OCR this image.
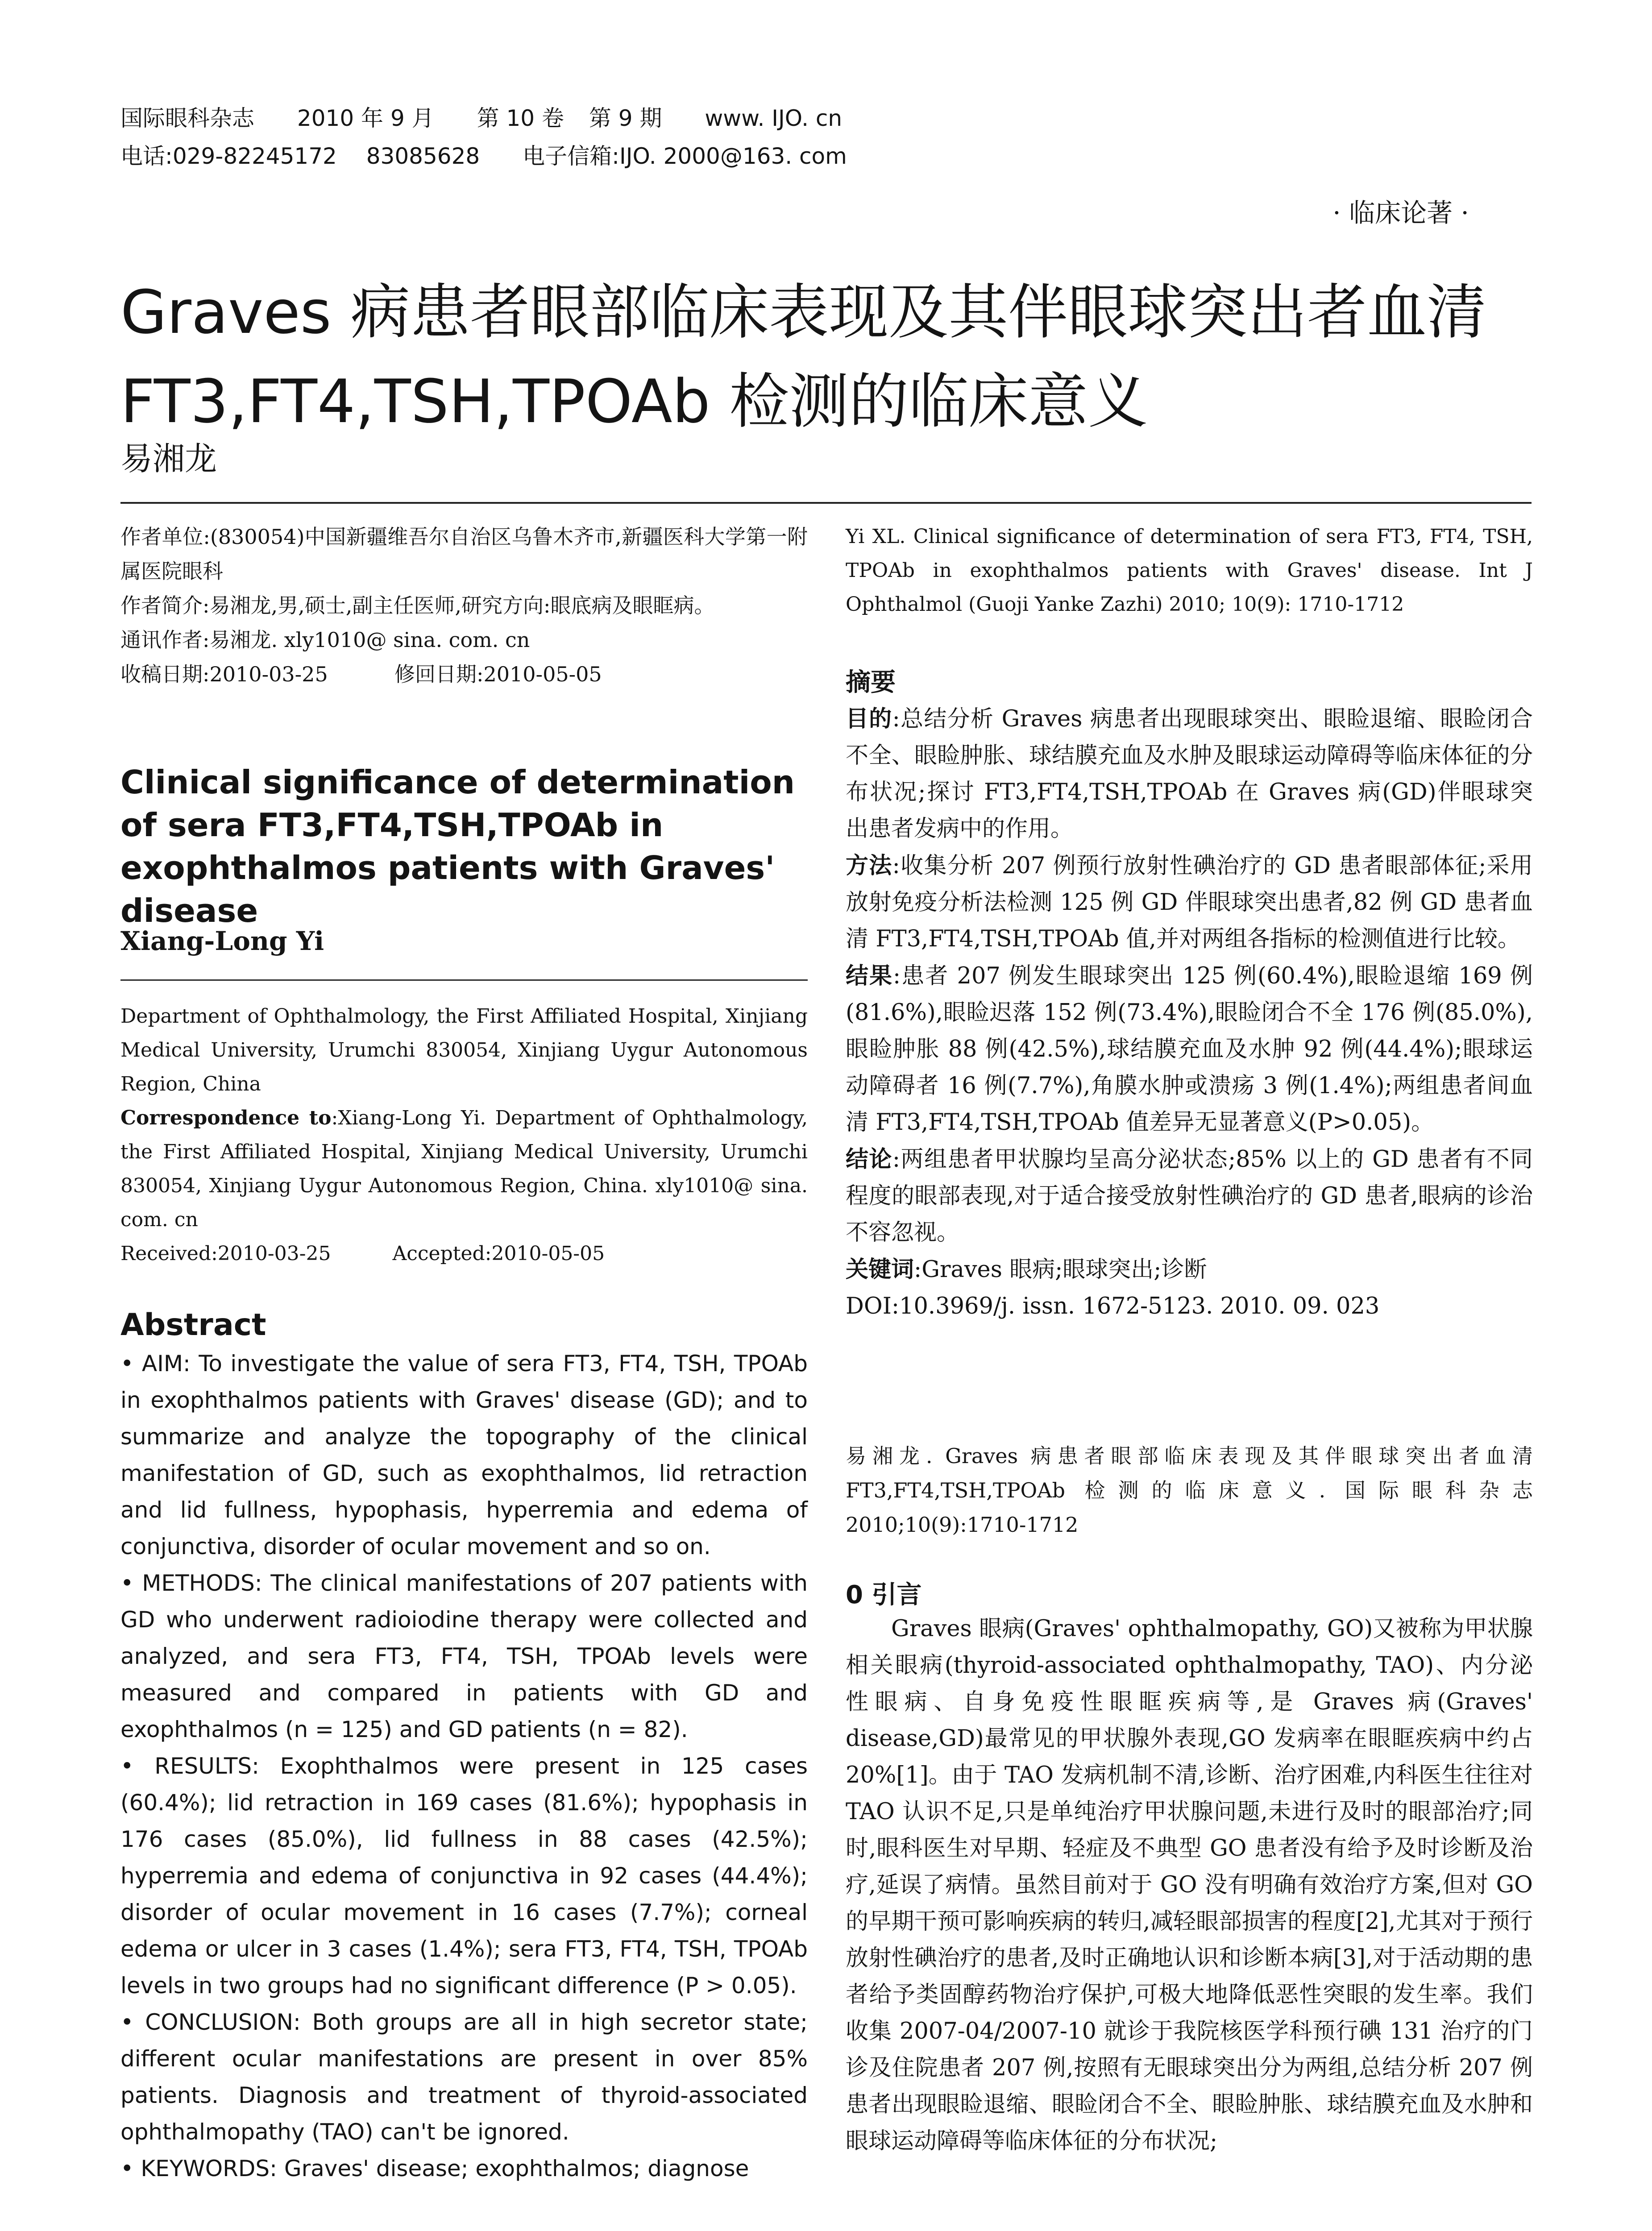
国际眼科杂志 2010 年 9 月 第 10 卷 第 9 期 www. IJO. cn
电话:029-82245172 83085628 电子信箱:IJO. 2000@163. com
· 临床论著 ·
Graves 病患者眼部临床表现及其伴眼球突出者血清 FT3,FT4,TSH,TPOAb 检测的临床意义
易湘龙

作者单位:(830054)中国新疆维吾尔自治区乌鲁木齐市,新疆医科大学第一附属医院眼科

作者简介:易湘龙,男,硕士,副主任医师,研究方向:眼底病及眼眶病。

通讯作者:易湘龙. xly1010@ sina. com. cn

收稿日期:2010-03-25	修回日期:2010-05-05

Clinical significance of determination of sera FT3,FT4,TSH,TPOAb in exophthalmos patients with Graves' disease
Xiang-Long Yi

Department of Ophthalmology, the First Affiliated Hospital, Xinjiang Medical University, Urumchi 830054, Xinjiang Uygur Autonomous Region, China

Correspondence to:Xiang-Long Yi. Department of Ophthalmology, the First Affiliated Hospital, Xinjiang Medical University, Urumchi 830054, Xinjiang Uygur Autonomous Region, China. xly1010@ sina. com. cn

Received:2010-03-25	Accepted:2010-05-05

Abstract

• AIM: To investigate the value of sera FT3, FT4, TSH, TPOAb in exophthalmos patients with Graves' disease (GD); and to summarize and analyze the topography of the clinical manifestation of GD, such as exophthalmos, lid retraction and lid fullness, hypophasis, hyperremia and edema of conjunctiva, disorder of ocular movement and so on.

• METHODS: The clinical manifestations of 207 patients with GD who underwent radioiodine therapy were collected and analyzed, and sera FT3, FT4, TSH, TPOAb levels were measured and compared in patients with GD and exophthalmos (n = 125) and GD patients (n = 82).

• RESULTS: Exophthalmos were present in 125 cases (60.4%); lid retraction in 169 cases (81.6%); hypophasis in 176 cases (85.0%), lid fullness in 88 cases (42.5%); hyperremia and edema of conjunctiva in 92 cases (44.4%); disorder of ocular movement in 16 cases (7.7%); corneal edema or ulcer in 3 cases (1.4%); sera FT3, FT4, TSH, TPOAb levels in two groups had no significant difference (P > 0.05).

• CONCLUSION: Both groups are all in high secretor state; different ocular manifestations are present in over 85% patients. Diagnosis and treatment of thyroid-associated ophthalmopathy (TAO) can't be ignored.

• KEYWORDS: Graves' disease; exophthalmos; diagnose

Yi XL. Clinical significance of determination of sera FT3, FT4, TSH, TPOAb in exophthalmos patients with Graves' disease. Int J Ophthalmol (Guoji Yanke Zazhi) 2010; 10(9): 1710-1712
摘要

目的:总结分析 Graves 病患者出现眼球突出、眼睑退缩、眼睑闭合不全、眼睑肿胀、球结膜充血及水肿及眼球运动障碍等临床体征的分布状况;探讨 FT3,FT4,TSH,TPOAb 在 Graves 病(GD)伴眼球突出患者发病中的作用。

方法:收集分析 207 例预行放射性碘治疗的 GD 患者眼部体征;采用放射免疫分析法检测 125 例 GD 伴眼球突出患者,82 例 GD 患者血清 FT3,FT4,TSH,TPOAb 值,并对两组各指标的检测值进行比较。

结果:患者 207 例发生眼球突出 125 例(60.4%),眼睑退缩 169 例(81.6%),眼睑迟落 152 例(73.4%),眼睑闭合不全 176 例(85.0%),眼睑肿胀 88 例(42.5%),球结膜充血及水肿 92 例(44.4%);眼球运动障碍者 16 例(7.7%),角膜水肿或溃疡 3 例(1.4%);两组患者间血清 FT3,FT4,TSH,TPOAb 值差异无显著意义(P>0.05)。

结论:两组患者甲状腺均呈高分泌状态;85% 以上的 GD 患者有不同程度的眼部表现,对于适合接受放射性碘治疗的 GD 患者,眼病的诊治不容忽视。

关键词:Graves 眼病;眼球突出;诊断

DOI:10.3969/j. issn. 1672-5123. 2010. 09. 023

易湘龙. Graves 病患者眼部临床表现及其伴眼球突出者血清 FT3,FT4,TSH,TPOAb 检测的临床意义. 国际眼科杂志 2010;10(9):1710-1712
0 引言
Graves 眼病(Graves' ophthalmopathy, GO)又被称为甲状腺相关眼病(thyroid-associated ophthalmopathy, TAO)、内分泌性眼病、自身免疫性眼眶疾病等,是 Graves 病(Graves' disease,GD)最常见的甲状腺外表现,GO 发病率在眼眶疾病中约占 20%[1]。由于 TAO 发病机制不清,诊断、治疗困难,内科医生往往对 TAO 认识不足,只是单纯治疗甲状腺问题,未进行及时的眼部治疗;同时,眼科医生对早期、轻症及不典型 GO 患者没有给予及时诊断及治疗,延误了病情。虽然目前对于 GO 没有明确有效治疗方案,但对 GO 的早期干预可影响疾病的转归,减轻眼部损害的程度[2],尤其对于预行放射性碘治疗的患者,及时正确地认识和诊断本病[3],对于活动期的患者给予类固醇药物治疗保护,可极大地降低恶性突眼的发生率。我们收集 2007-04/2007-10 就诊于我院核医学科预行碘 131 治疗的门诊及住院患者 207 例,按照有无眼球突出分为两组,总结分析 207 例患者出现眼睑退缩、眼睑闭合不全、眼睑肿胀、球结膜充血及水肿和眼球运动障碍等临床体征的分布状况;
